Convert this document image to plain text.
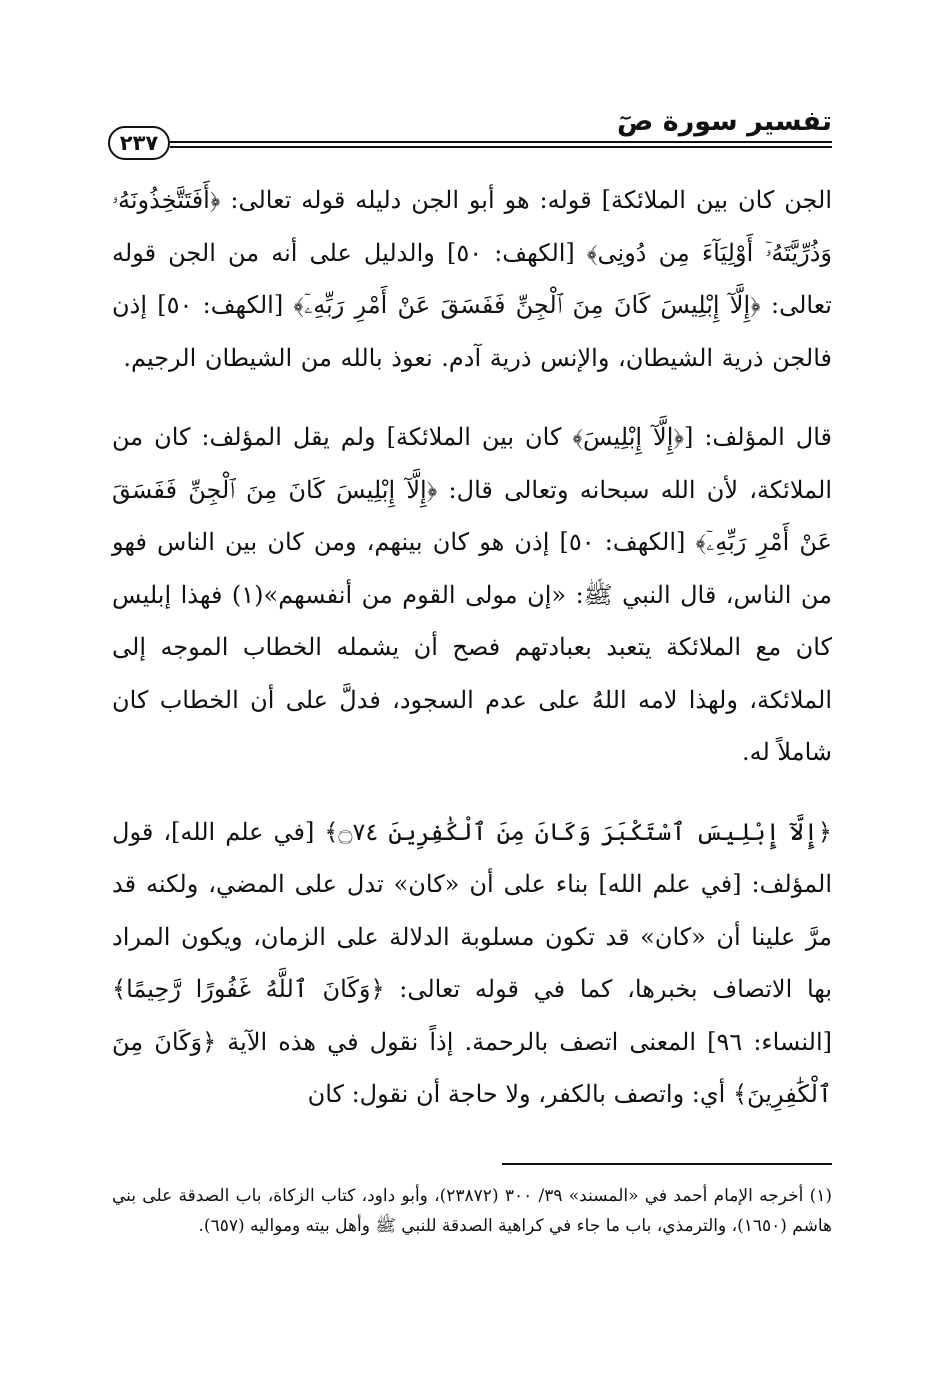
تفسير سورة صٓ
٢٣٧

الجن كان بين الملائكة] قوله: هو أبو الجن دليله قوله تعالى: ﴿أَفَتَتَّخِذُونَهُۥ وَذُرِّيَّتَهُۥٓ أَوْلِيَآءَ مِن دُونِى﴾ [الكهف: ٥٠] والدليل على أنه من الجن قوله تعالى: ﴿إِلَّآ إِبْلِيسَ كَانَ مِنَ ٱلْجِنِّ فَفَسَقَ عَنْ أَمْرِ رَبِّهِۦٓ﴾ [الكهف: ٥٠] إذن فالجن ذرية الشيطان، والإنس ذرية آدم. نعوذ بالله من الشيطان الرجيم.

قال المؤلف: [﴿إِلَّآ إِبْلِيسَ﴾ كان بين الملائكة] ولم يقل المؤلف: كان من الملائكة، لأن الله سبحانه وتعالى قال: ﴿إِلَّآ إِبْلِيسَ كَانَ مِنَ ٱلْجِنِّ فَفَسَقَ عَنْ أَمْرِ رَبِّهِۦٓ﴾ [الكهف: ٥٠] إذن هو كان بينهم، ومن كان بين الناس فهو من الناس، قال النبي ﷺ: «إن مولى القوم من أنفسهم»(١) فهذا إبليس كان مع الملائكة يتعبد بعبادتهم فصح أن يشمله الخطاب الموجه إلى الملائكة، ولهذا لامه اللهُ على عدم السجود، فدلَّ على أن الخطاب كان شاملاً له.

﴿إِلَّآ إِبْلِيسَ ٱسْتَكْبَرَ وَكَانَ مِنَ ٱلْكَٰفِرِينَ ۝٧٤﴾ [في علم الله]، قول المؤلف: [في علم الله] بناء على أن «كان» تدل على المضي، ولكنه قد مرَّ علينا أن «كان» قد تكون مسلوبة الدلالة على الزمان، ويكون المراد بها الاتصاف بخبرها، كما في قوله تعالى: ﴿وَكَانَ ٱللَّهُ غَفُورًا رَّحِيمًا﴾ [النساء: ٩٦] المعنى اتصف بالرحمة. إذاً نقول في هذه الآية ﴿وَكَانَ مِنَ ٱلْكَٰفِرِينَ﴾ أي: واتصف بالكفر، ولا حاجة أن نقول: كان

(١) أخرجه الإمام أحمد في «المسند» ٣٩/ ٣٠٠ (٢٣٨٧٢)، وأبو داود، كتاب الزكاة، باب الصدقة على بني هاشم (١٦٥٠)، والترمذي، باب ما جاء في كراهية الصدقة للنبي ﷺ وأهل بيته ومواليه (٦٥٧).
